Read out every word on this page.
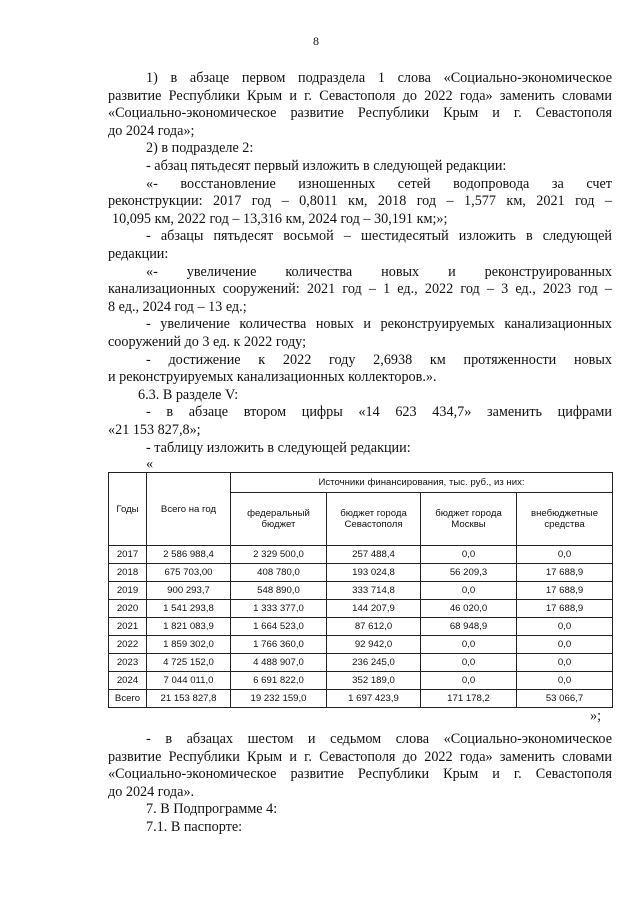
8
1) в абзаце первом подраздела 1 слова «Социально-экономическое
развитие Республики Крым и г. Севастополя до 2022 года» заменить словами
«Социально-экономическое развитие Республики Крым и г. Севастополя
до 2024 года»;
2) в подразделе 2:
- абзац пятьдесят первый изложить в следующей редакции:
«- восстановление изношенных сетей водопровода за счет
реконструкции: 2017 год – 0,8011 км, 2018 год – 1,577 км, 2021 год –
10,095 км, 2022 год – 13,316 км, 2024 год – 30,191 км;»;
- абзацы пятьдесят восьмой – шестидесятый изложить в следующей
редакции:
«- увеличение количества новых и реконструированных
канализационных сооружений: 2021 год – 1 ед., 2022 год – 3 ед., 2023 год –
8 ед., 2024 год – 13 ед.;
- увеличение количества новых и реконструируемых канализационных
сооружений до 3 ед. к 2022 году;
- достижение к 2022 году 2,6938 км протяженности новых
и реконструируемых канализационных коллекторов.».
6.3. В разделе V:
- в абзаце втором цифры «14 623 434,7» заменить цифрами
«21 153 827,8»;
- таблицу изложить в следующей редакции:
«
Годы	Всего на год	Источники финансирования, тыс. руб., из них:			
		федеральный бюджет	бюджет города Севастополя	бюджет города Москвы	внебюджетные средства
2017	2 586 988,4	2 329 500,0	257 488,4	0,0	0,0
2018	675 703,00	408 780,0	193 024,8	56 209,3	17 688,9
2019	900 293,7	548 890,0	333 714,8	0,0	17 688,9
2020	1 541 293,8	1 333 377,0	144 207,9	46 020,0	17 688,9
2021	1 821 083,9	1 664 523,0	87 612,0	68 948,9	0,0
2022	1 859 302,0	1 766 360,0	92 942,0	0,0	0,0
2023	4 725 152,0	4 488 907,0	236 245,0	0,0	0,0
2024	7 044 011,0	6 691 822,0	352 189,0	0,0	0,0
Всего	21 153 827,8	19 232 159,0	1 697 423,9	171 178,2	53 066,7
»;
- в абзацах шестом и седьмом слова «Социально-экономическое
развитие Республики Крым и г. Севастополя до 2022 года» заменить словами
«Социально-экономическое развитие Республики Крым и г. Севастополя
до 2024 года».
7. В Подпрограмме 4:
7.1. В паспорте:
